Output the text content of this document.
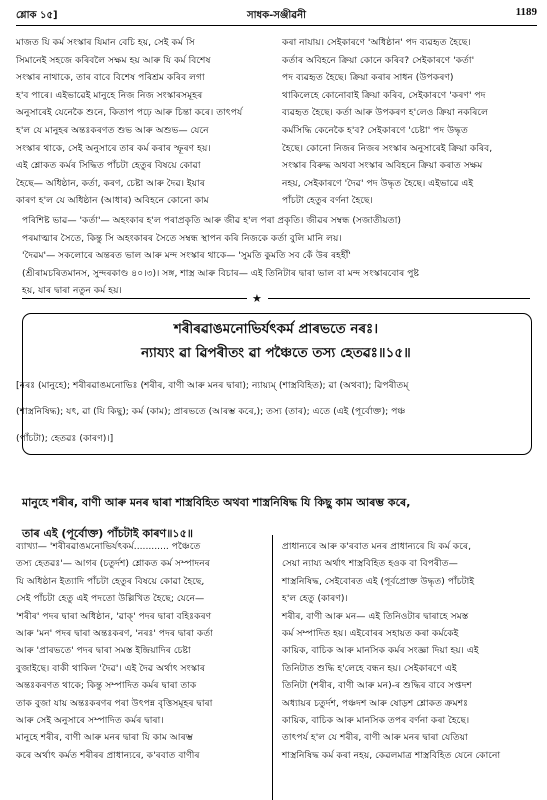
শ্লোক ১৫]	সাধক-সঞ্জীৱনী	1189

মাজত যি কৰ্ম সংস্কাৰ যিমান বেচি হয়, সেই কৰ্ম সি

সিমানেই সহজে কৰিবলৈ সক্ষম হয় আৰু যি কৰ্ম বিশেষ

সংস্কাৰ নাথাকে, তাৰ বাবে বিশেষ পৰিশ্ৰম কৰিব লগা

হ'ব পাৰে। এইভাৱেই মানুহে নিজ নিজ সংস্কাৰসমূহৰ

অনুসাৰেই যেনেকৈ শুনে, কিতাপ পঢ়ে আৰু চিন্তা কৰে। তাৎপৰ্য

হ'ল যে মানুহৰ অন্তঃকৰণত শুভ আৰু অশুভ— যেনে

সংস্কাৰ থাকে, সেই অনুসাৰে তাৰ কৰ্ম কৰাৰ স্ফূৰণ হয়।

এই শ্লোকত কৰ্মৰ সিদ্ধিত পাঁচটা হেতুৰ বিষয়ে কোৱা

হৈছে— অধিষ্ঠান, কৰ্তা, কৰণ, চেষ্টা আৰু দৈৱ। ইয়াৰ

কাৰণ হ'ল যে অধিষ্ঠান (আধাৰ) অবিহনে কোনো কাম

কৰা নাযায়। সেইকাৰণে 'অধিষ্ঠান' পদ ব্যৱহৃত হৈছে।

কৰ্তাৰ অবিহনে ক্ৰিয়া কোনে কৰিব? সেইকাৰণে 'কৰ্তা'

পদ ব্যৱহৃত হৈছে। ক্ৰিয়া কৰাৰ সাধন (উপকৰণ)

থাকিলেহে কোনোবাই ক্ৰিয়া কৰিব, সেইকাৰণে 'কৰণ' পদ

ব্যৱহৃত হৈছে। কৰ্তা আৰু উপকৰণ হ'লেও ক্ৰিয়া নকৰিলে

কৰ্মসিদ্ধি কেনেকৈ হ'ব? সেইকাৰণে 'চেষ্টা' পদ উদ্ধৃত

হৈছে। কোনো নিজৰ নিজৰ সংস্কাৰ অনুসাৰেই ক্ৰিয়া কৰিব,

সংস্কাৰ বিৰুদ্ধ অথবা সংস্কাৰ অবিহনে ক্ৰিয়া কৰাত সক্ষম

নহয়, সেইকাৰণে 'দৈৱ' পদ উদ্ধৃত হৈছে। এইভাৱে এই

পাঁচটা হেতুৰ বৰ্ণনা হৈছে।

পৰিশিষ্ট ভাৱ— 'কৰ্তা'— অহংকাৰ হ'ল পৰাপ্ৰকৃতি আৰু জীৱ হ'ল পৰা প্ৰকৃতি। জীৱৰ সম্বন্ধ (সজাতীয়তা)

পৰমাত্মাৰ সৈতে, কিন্তু সি অহংকাৰৰ সৈতে সম্বন্ধ স্থাপন কৰি নিজকে কৰ্তা বুলি মানি লয়।

'দৈৱম'— সকলোৰে অন্তৰত ভাল আৰু মন্দ সংস্কাৰ থাকে— 'সুমতি কুমতি সব কেঁ উৰ ৰহহীঁ'

(শ্ৰীৰামচৰিতমানস, সুন্দৰকাণ্ড ৪০।৩)। সঙ্গ, শাস্ত্ৰ আৰু বিচাৰ— এই তিনিটাৰ দ্বাৰা ভাল বা মন্দ সংস্কাৰবোৰ পুষ্ট

হয়, যাৰ দ্বাৰা নতুন কৰ্ম হয়।

★
শৰীৰৱাঙমনোভিৰ্যৎকৰ্ম প্ৰাৰভতে নৰঃ।
ন্যায্যং ৱা ৱিপৰীতং ৱা পঞ্চৈতে তস্য হেতৱঃ॥১৫॥

[নৰঃ (মানুহে); শৰীৰৱাঙমনোভিঃ (শৰীৰ, বাণী আৰু মনৰ দ্বাৰা); ন্যায়্যম্ (শাস্ত্ৰবিহিত); ৱা (অথবা); ৱিপৰীতম্

(শাস্ত্ৰনিষিদ্ধ); যৎ, ৱা (যি কিছু); কৰ্ম (কাম); প্ৰাৰভতে (আৰম্ভ কৰে,); তস্য (তাৰ); এতে (এই (পূৰ্বোক্ত); পঞ্চ

(পাঁচটা); হেতৱঃ (কাৰণ)।]

মানুহে শৰীৰ, বাণী আৰু মনৰ দ্বাৰা শাস্ত্ৰবিহিত অথবা শাস্ত্ৰনিষিদ্ধ যি কিছু কাম আৰম্ভ কৰে,

তাৰ এই (পূৰ্বোক্ত) পাঁচটাই কাৰণ॥১৫॥

ব্যাখ্যা— 'শৰীৰৱাঙমনোভিৰ্যৎকৰ্ম............ পঞ্চৈতে

তস্য হেতৱঃ'— আগৰ (চতুৰ্দশ) শ্লোকত কৰ্ম সম্পাদনৰ

যি অধিষ্ঠান ইত্যাদি পাঁচটা হেতুৰ বিষয়ে কোৱা হৈছে,

সেই পাঁচটা হেতু এই পদতো উল্লিখিত হৈছে; যেনে—

'শৰীৰ' পদৰ দ্বাৰা অধিষ্ঠান, 'ৱাক্' পদৰ দ্বাৰা বহিঃকৰণ

আৰু 'মন' পদৰ দ্বাৰা অন্তঃকৰণ, 'নৰঃ' পদৰ দ্বাৰা কৰ্তা

আৰু 'প্ৰাৰভতে' পদৰ দ্বাৰা সমস্ত ইন্দ্ৰিয়াদিৰ চেষ্টা

বুজাইছে। বাকী থাকিল 'দৈৱ'। এই দৈৱ অৰ্থাৎ সংস্কাৰ

অন্তঃকৰণত থাকে; কিন্তু সম্পাদিত কৰ্মৰ দ্বাৰা তাক

তাক বুজা যায় অন্তঃকৰণৰ পৰা উৎপন্ন বৃত্তিসমূহৰ দ্বাৰা

আৰু সেই অনুসাৰে সম্পাদিত কৰ্মৰ দ্বাৰা।

মানুহে শৰীৰ, বাণী আৰু মনৰ দ্বাৰা যি কাম আৰম্ভ

কৰে অৰ্থাৎ কৰ্মত শৰীৰৰ প্ৰাধান্যৰে, ক'ৰবাত বাণীৰ

প্ৰাধান্যৰে আৰু ক'ৰবাত মনৰ প্ৰাধান্যৰে যি কৰ্ম কৰে,

সেয়া ন্যায্য অৰ্থাৎ শাস্ত্ৰবিহিত হওক বা বিপৰীত—

শাস্ত্ৰনিষিদ্ধ, সেইবোৰত এই (পূৰ্বপ্ৰোক্ত উদ্ধৃত) পাঁচটাই

হ'ল হেতু (কাৰণ)।

শৰীৰ, বাণী আৰু মন— এই তিনিওটাৰ দ্বাৰাহে সমস্ত

কৰ্ম সম্পাদিত হয়। এইবোৰৰ সহায়ত কৰা কৰ্মকেই

কায়িক, বাচিক আৰু মানসিক কৰ্মৰ সংজ্ঞা দিয়া হয়। এই

তিনিটাত শুদ্ধি হ'লেহে বন্ধন হয়। সেইকাৰণে এই

তিনিটা (শৰীৰ, বাণী আৰু মন)-ৰ শুদ্ধিৰ বাবে সপ্তদশ

অধ্যায়ৰ চতুৰ্দশ, পঞ্চদশ আৰু ষোড়শ শ্লোকত ক্ৰমশঃ

কায়িক, বাচিক আৰু মানসিক তপৰ বৰ্ণনা কৰা হৈছে।

তাৎপৰ্য হ'ল যে শৰীৰ, বাণী আৰু মনৰ দ্বাৰা যেতিয়া

শাস্ত্ৰনিষিদ্ধ কৰ্ম কৰা নহয়, কেৱলমাত্ৰ শাস্ত্ৰবিহিত যেনে কোনো
